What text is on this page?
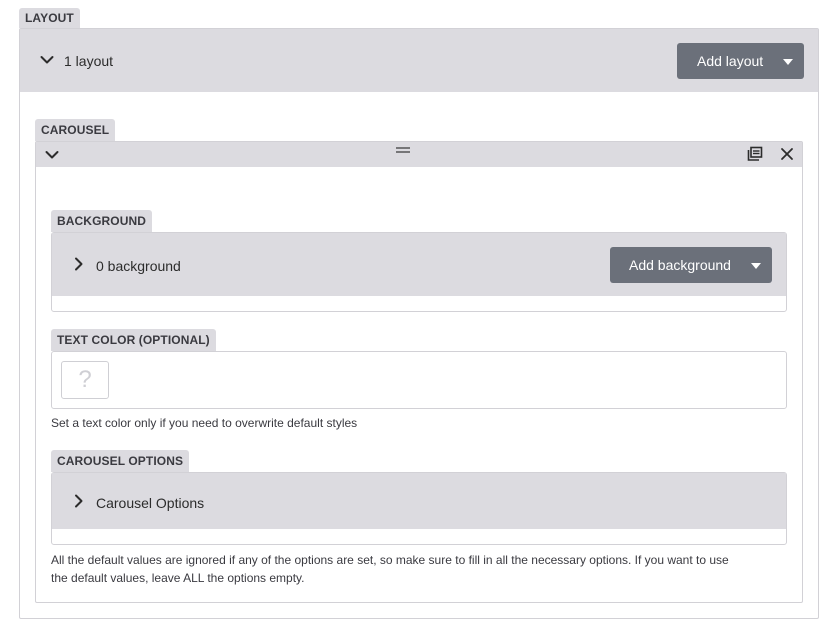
LAYOUT
1 layout	Add layout
CAROUSEL
BACKGROUND
0 background	Add background
TEXT COLOR (OPTIONAL)
?
Set a text color only if you need to overwrite default styles
CAROUSEL OPTIONS
Carousel Options
All the default values are ignored if any of the options are set, so make sure to fill in all the necessary options. If you want to use
the default values, leave ALL the options empty.
